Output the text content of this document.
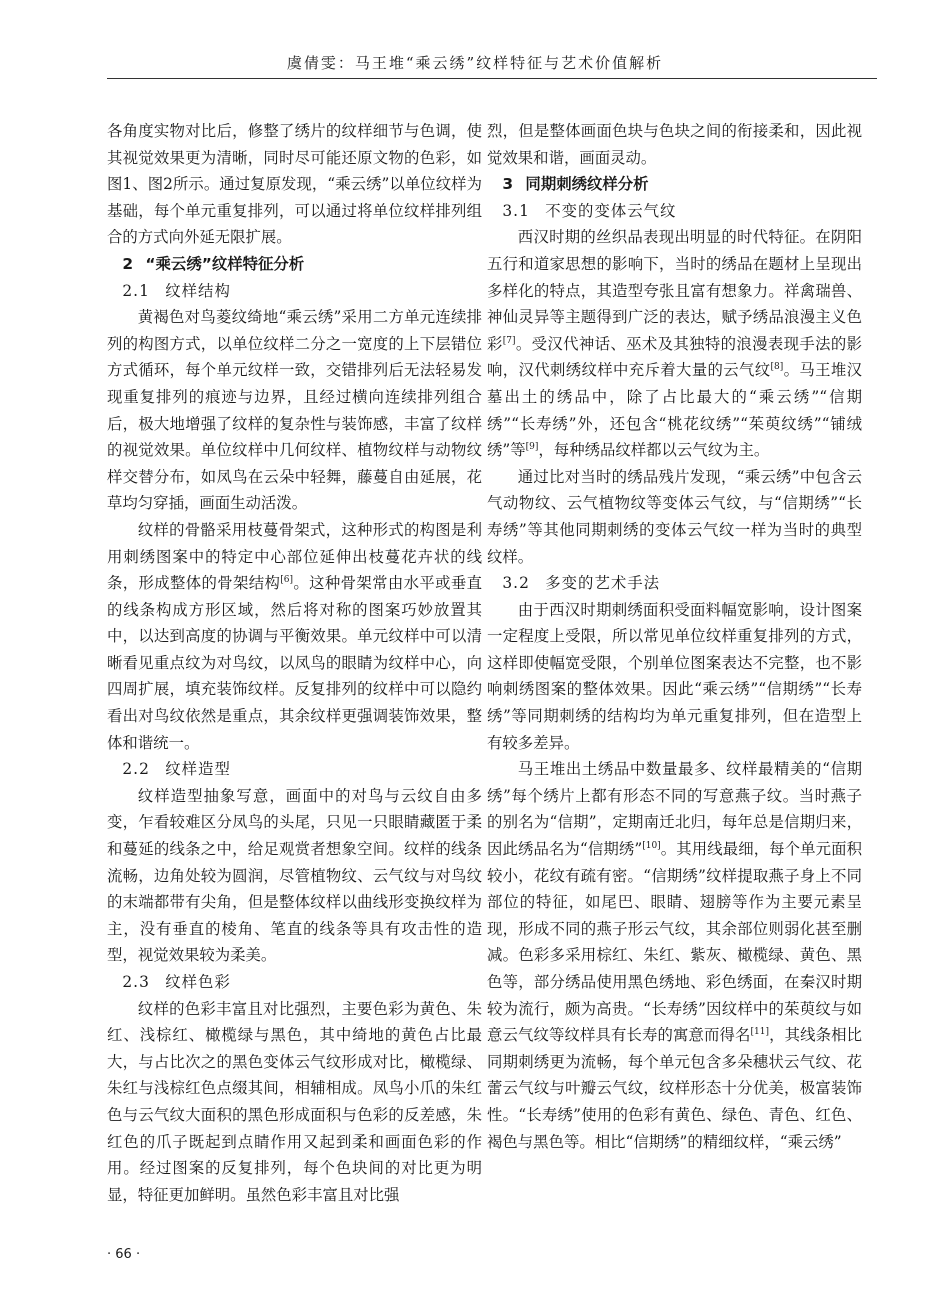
虞倩雯：马王堆“乘云绣”纹样特征与艺术价值解析

各角度实物对比后，修整了绣片的纹样细节与色调，使其视觉效果更为清晰，同时尽可能还原文物的色彩，如图1、图2所示。通过复原发现，“乘云绣”以单位纹样为基础，每个单元重复排列，可以通过将单位纹样排列组合的方式向外延无限扩展。

2 “乘云绣”纹样特征分析
2.1 纹样结构

黄褐色对鸟菱纹绮地“乘云绣”采用二方单元连续排列的构图方式，以单位纹样二分之一宽度的上下层错位方式循环，每个单元纹样一致，交错排列后无法轻易发现重复排列的痕迹与边界，且经过横向连续排列组合后，极大地增强了纹样的复杂性与装饰感，丰富了纹样的视觉效果。单位纹样中几何纹样、植物纹样与动物纹样交替分布，如凤鸟在云朵中轻舞，藤蔓自由延展，花草均匀穿插，画面生动活泼。

纹样的骨骼采用枝蔓骨架式，这种形式的构图是利用刺绣图案中的特定中心部位延伸出枝蔓花卉状的线条，形成整体的骨架结构[6]。这种骨架常由水平或垂直的线条构成方形区域，然后将对称的图案巧妙放置其中，以达到高度的协调与平衡效果。单元纹样中可以清晰看见重点纹为对鸟纹，以凤鸟的眼睛为纹样中心，向四周扩展，填充装饰纹样。反复排列的纹样中可以隐约看出对鸟纹依然是重点，其余纹样更强调装饰效果，整体和谐统一。

2.2 纹样造型

纹样造型抽象写意，画面中的对鸟与云纹自由多变，乍看较难区分凤鸟的头尾，只见一只眼睛藏匿于柔和蔓延的线条之中，给足观赏者想象空间。纹样的线条流畅，边角处较为圆润，尽管植物纹、云气纹与对鸟纹的末端都带有尖角，但是整体纹样以曲线形变换纹样为主，没有垂直的棱角、笔直的线条等具有攻击性的造型，视觉效果较为柔美。

2.3 纹样色彩

纹样的色彩丰富且对比强烈，主要色彩为黄色、朱红、浅棕红、橄榄绿与黑色，其中绮地的黄色占比最大，与占比次之的黑色变体云气纹形成对比，橄榄绿、朱红与浅棕红色点缀其间，相辅相成。凤鸟小爪的朱红色与云气纹大面积的黑色形成面积与色彩的反差感，朱红色的爪子既起到点睛作用又起到柔和画面色彩的作用。经过图案的反复排列，每个色块间的对比更为明显，特征更加鲜明。虽然色彩丰富且对比强

烈，但是整体画面色块与色块之间的衔接柔和，因此视觉效果和谐，画面灵动。

3 同期刺绣纹样分析
3.1 不变的变体云气纹

西汉时期的丝织品表现出明显的时代特征。在阴阳五行和道家思想的影响下，当时的绣品在题材上呈现出多样化的特点，其造型夸张且富有想象力。祥禽瑞兽、神仙灵异等主题得到广泛的表达，赋予绣品浪漫主义色彩[7]。受汉代神话、巫术及其独特的浪漫表现手法的影响，汉代刺绣纹样中充斥着大量的云气纹[8]。马王堆汉墓出土的绣品中，除了占比最大的“乘云绣”“信期绣”“长寿绣”外，还包含“桃花纹绣”“茱萸纹绣”“铺绒绣”等[9]，每种绣品纹样都以云气纹为主。

通过比对当时的绣品残片发现，“乘云绣”中包含云气动物纹、云气植物纹等变体云气纹，与“信期绣”“长寿绣”等其他同期刺绣的变体云气纹一样为当时的典型纹样。

3.2 多变的艺术手法

由于西汉时期刺绣面积受面料幅宽影响，设计图案一定程度上受限，所以常见单位纹样重复排列的方式，这样即使幅宽受限，个别单位图案表达不完整，也不影响刺绣图案的整体效果。因此“乘云绣”“信期绣”“长寿绣”等同期刺绣的结构均为单元重复排列，但在造型上有较多差异。

马王堆出土绣品中数量最多、纹样最精美的“信期绣”每个绣片上都有形态不同的写意燕子纹。当时燕子的别名为“信期”，定期南迁北归，每年总是信期归来，因此绣品名为“信期绣”[10]。其用线最细，每个单元面积较小，花纹有疏有密。“信期绣”纹样提取燕子身上不同部位的特征，如尾巴、眼睛、翅膀等作为主要元素呈现，形成不同的燕子形云气纹，其余部位则弱化甚至删减。色彩多采用棕红、朱红、紫灰、橄榄绿、黄色、黑色等，部分绣品使用黑色绣地、彩色绣面，在秦汉时期较为流行，颇为高贵。“长寿绣”因纹样中的茱萸纹与如意云气纹等纹样具有长寿的寓意而得名[11]，其线条相比同期刺绣更为流畅，每个单元包含多朵穗状云气纹、花蕾云气纹与叶瓣云气纹，纹样形态十分优美，极富装饰性。“长寿绣”使用的色彩有黄色、绿色、青色、红色、褐色与黑色等。相比“信期绣”的精细纹样，“乘云绣”

· 66 ·
